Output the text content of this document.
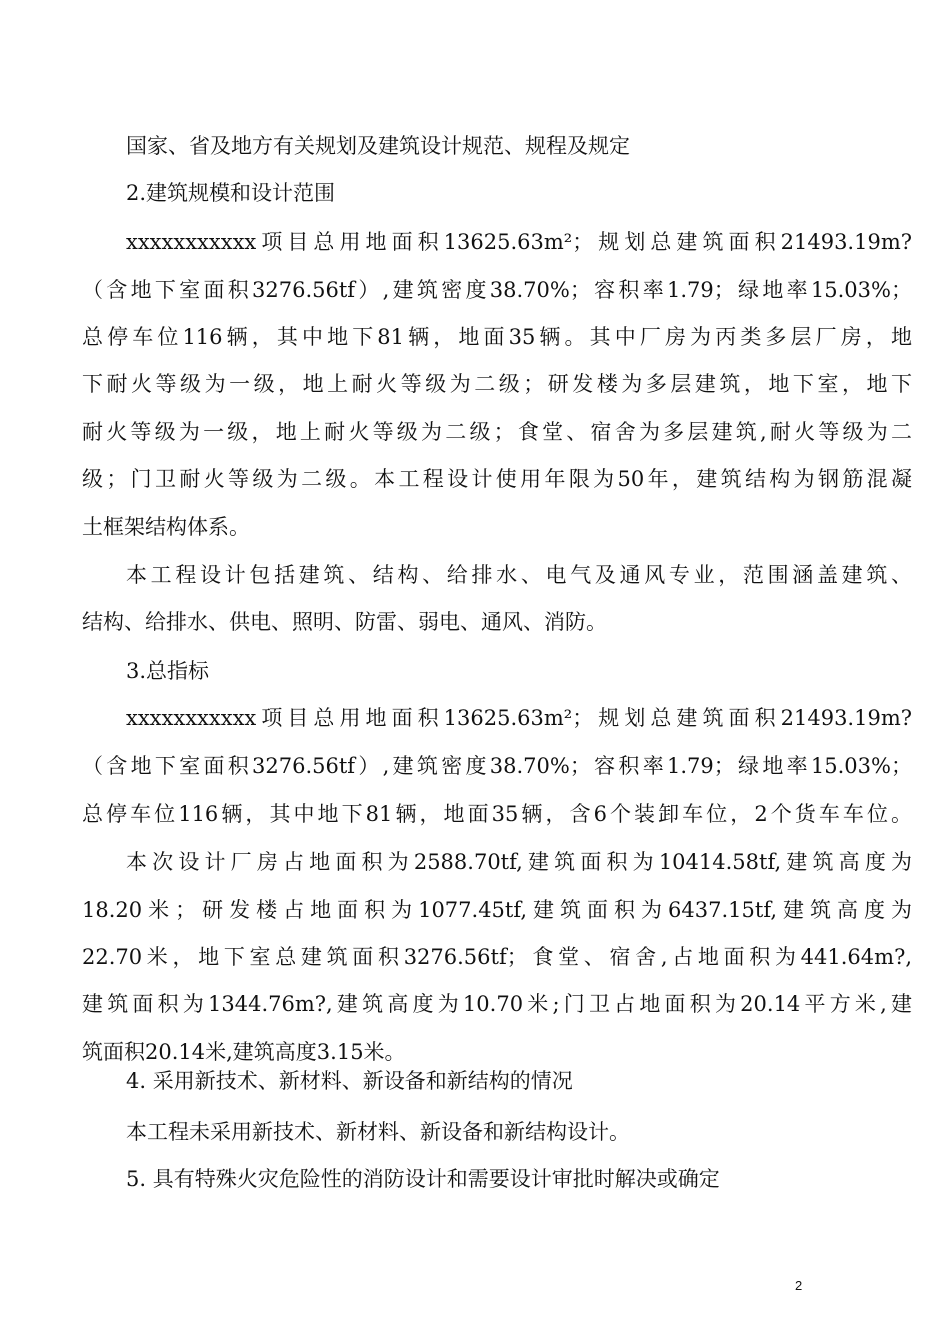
国家、省及地方有关规划及建筑设计规范、规程及规定
2.建筑规模和设计范围
xxxxxxxxxxx项目总用地面积13625.63m²；规划总建筑面积21493.19m?
（含地下室面积3276.56tf）,建筑密度38.70%；容积率1.79；绿地率15.03%；
总停车位116辆，其中地下81辆，地面35辆。其中厂房为丙类多层厂房，地
下耐火等级为一级，地上耐火等级为二级；研发楼为多层建筑，地下室，地下
耐火等级为一级，地上耐火等级为二级；食堂、宿舍为多层建筑,耐火等级为二
级；门卫耐火等级为二级。本工程设计使用年限为50年，建筑结构为钢筋混凝
土框架结构体系。
本工程设计包括建筑、结构、给排水、电气及通风专业，范围涵盖建筑、
结构、给排水、供电、照明、防雷、弱电、通风、消防。
3.总指标
xxxxxxxxxxx项目总用地面积13625.63m²；规划总建筑面积21493.19m?
（含地下室面积3276.56tf）,建筑密度38.70%；容积率1.79；绿地率15.03%；
总停车位116辆，其中地下81辆，地面35辆，含6个装卸车位，2个货车车位。
本次设计厂房占地面积为2588.70tf,建筑面积为10414.58tf,建筑高度为
18.20米；研发楼占地面积为1077.45tf,建筑面积为6437.15tf,建筑高度为
22.70米，地下室总建筑面积3276.56tf；食堂、宿舍,占地面积为441.64m?,
建筑面积为1344.76m?,建筑高度为10.70米;门卫占地面积为20.14平方米,建
筑面积20.14米,建筑高度3.15米。
4. 采用新技术、新材料、新设备和新结构的情况
本工程未采用新技术、新材料、新设备和新结构设计。
5. 具有特殊火灾危险性的消防设计和需要设计审批时解决或确定
2
